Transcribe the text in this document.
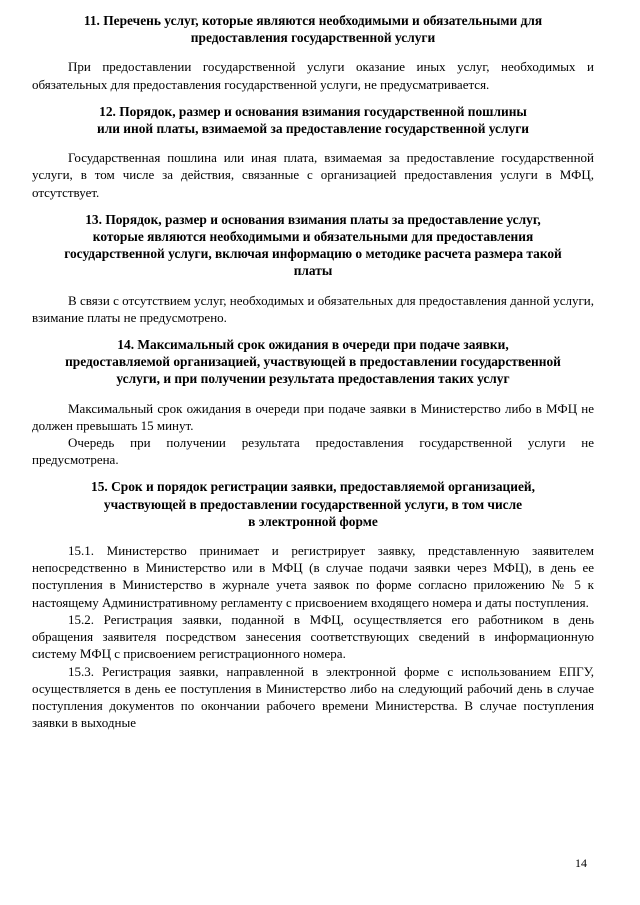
11. Перечень услуг, которые являются необходимыми и обязательными для
предоставления государственной услуги

При предоставлении государственной услуги оказание иных услуг, необходимых и обязательных для предоставления государственной услуги, не предусматривается.

12. Порядок, размер и основания взимания государственной пошлины
или иной платы, взимаемой за предоставление государственной услуги

Государственная пошлина или иная плата, взимаемая за предоставление государственной услуги, в том числе за действия, связанные с организацией предоставления услуги в МФЦ, отсутствует.

13. Порядок, размер и основания взимания платы за предоставление услуг,
которые являются необходимыми и обязательными для предоставления
государственной услуги, включая информацию о методике расчета размера такой
платы

В связи с отсутствием услуг, необходимых и обязательных для предоставления данной услуги, взимание платы не предусмотрено.

14. Максимальный срок ожидания в очереди при подаче заявки,
предоставляемой организацией, участвующей в предоставлении государственной
услуги, и при получении результата предоставления таких услуг

Максимальный срок ожидания в очереди при подаче заявки в Министерство либо в МФЦ не должен превышать 15 минут.

Очередь при получении результата предоставления государственной услуги не предусмотрена.

15. Срок и порядок регистрации заявки, предоставляемой организацией,
участвующей в предоставлении государственной услуги, в том числе
в электронной форме

15.1. Министерство принимает и регистрирует заявку, представленную заявителем непосредственно в Министерство или в МФЦ (в случае подачи заявки через МФЦ), в день ее поступления в Министерство в журнале учета заявок по форме согласно приложению № 5 к настоящему Административному регламенту с присвоением входящего номера и даты поступления.

15.2. Регистрация заявки, поданной в МФЦ, осуществляется его работником в день обращения заявителя посредством занесения соответствующих сведений в информационную систему МФЦ с присвоением регистрационного номера.

15.3. Регистрация заявки, направленной в электронной форме с использованием ЕПГУ, осуществляется в день ее поступления в Министерство либо на следующий рабочий день в случае поступления документов по окончании рабочего времени Министерства. В случае поступления заявки в выходные

14
